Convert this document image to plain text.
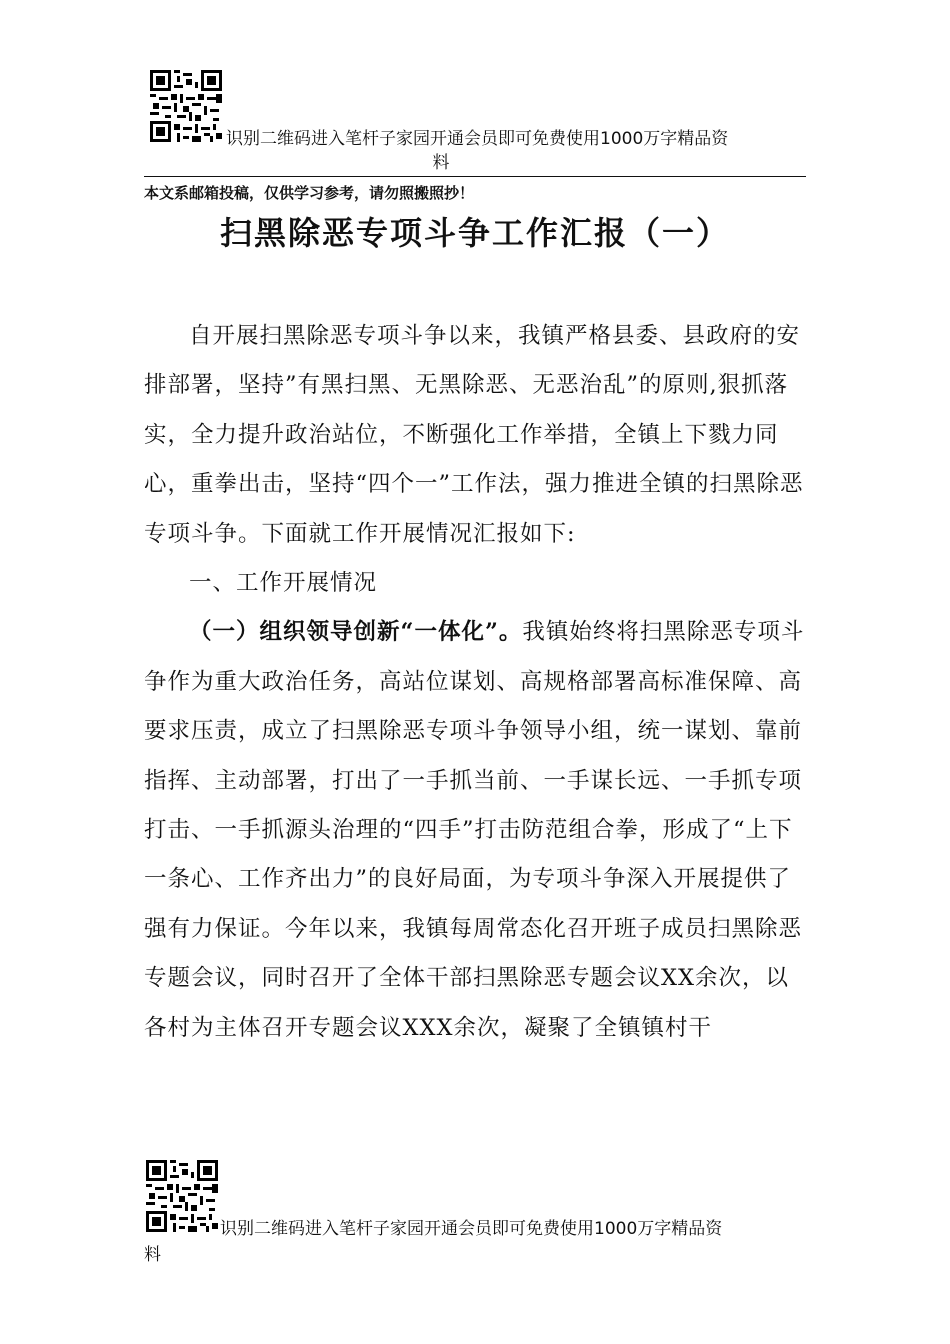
识别二维码进入笔杆子家园开通会员即可免费使用1000万字精品资
料
本文系邮箱投稿，仅供学习参考，请勿照搬照抄！
扫黑除恶专项斗争工作汇报（一）

自开展扫黑除恶专项斗争以来，我镇严格县委、县政府的安排部署，坚持”有黑扫黑、无黑除恶、无恶治乱”的原则,狠抓落实，全力提升政治站位，不断强化工作举措，全镇上下戮力同心，重拳出击，坚持“四个一”工作法，强力推进全镇的扫黑除恶专项斗争。下面就工作开展情况汇报如下:

一、工作开展情况

（一）组织领导创新“一体化”。我镇始终将扫黑除恶专项斗争作为重大政治任务，高站位谋划、高规格部署高标准保障、高要求压责，成立了扫黑除恶专项斗争领导小组，统一谋划、靠前指挥、主动部署，打出了一手抓当前、一手谋长远、一手抓专项打击、一手抓源头治理的“四手”打击防范组合拳，形成了“上下一条心、工作齐出力”的良好局面，为专项斗争深入开展提供了强有力保证。今年以来，我镇每周常态化召开班子成员扫黑除恶专题会议，同时召开了全体干部扫黑除恶专题会议XX余次，以各村为主体召开专题会议XXX余次，凝聚了全镇镇村干

识别二维码进入笔杆子家园开通会员即可免费使用1000万字精品资
料
